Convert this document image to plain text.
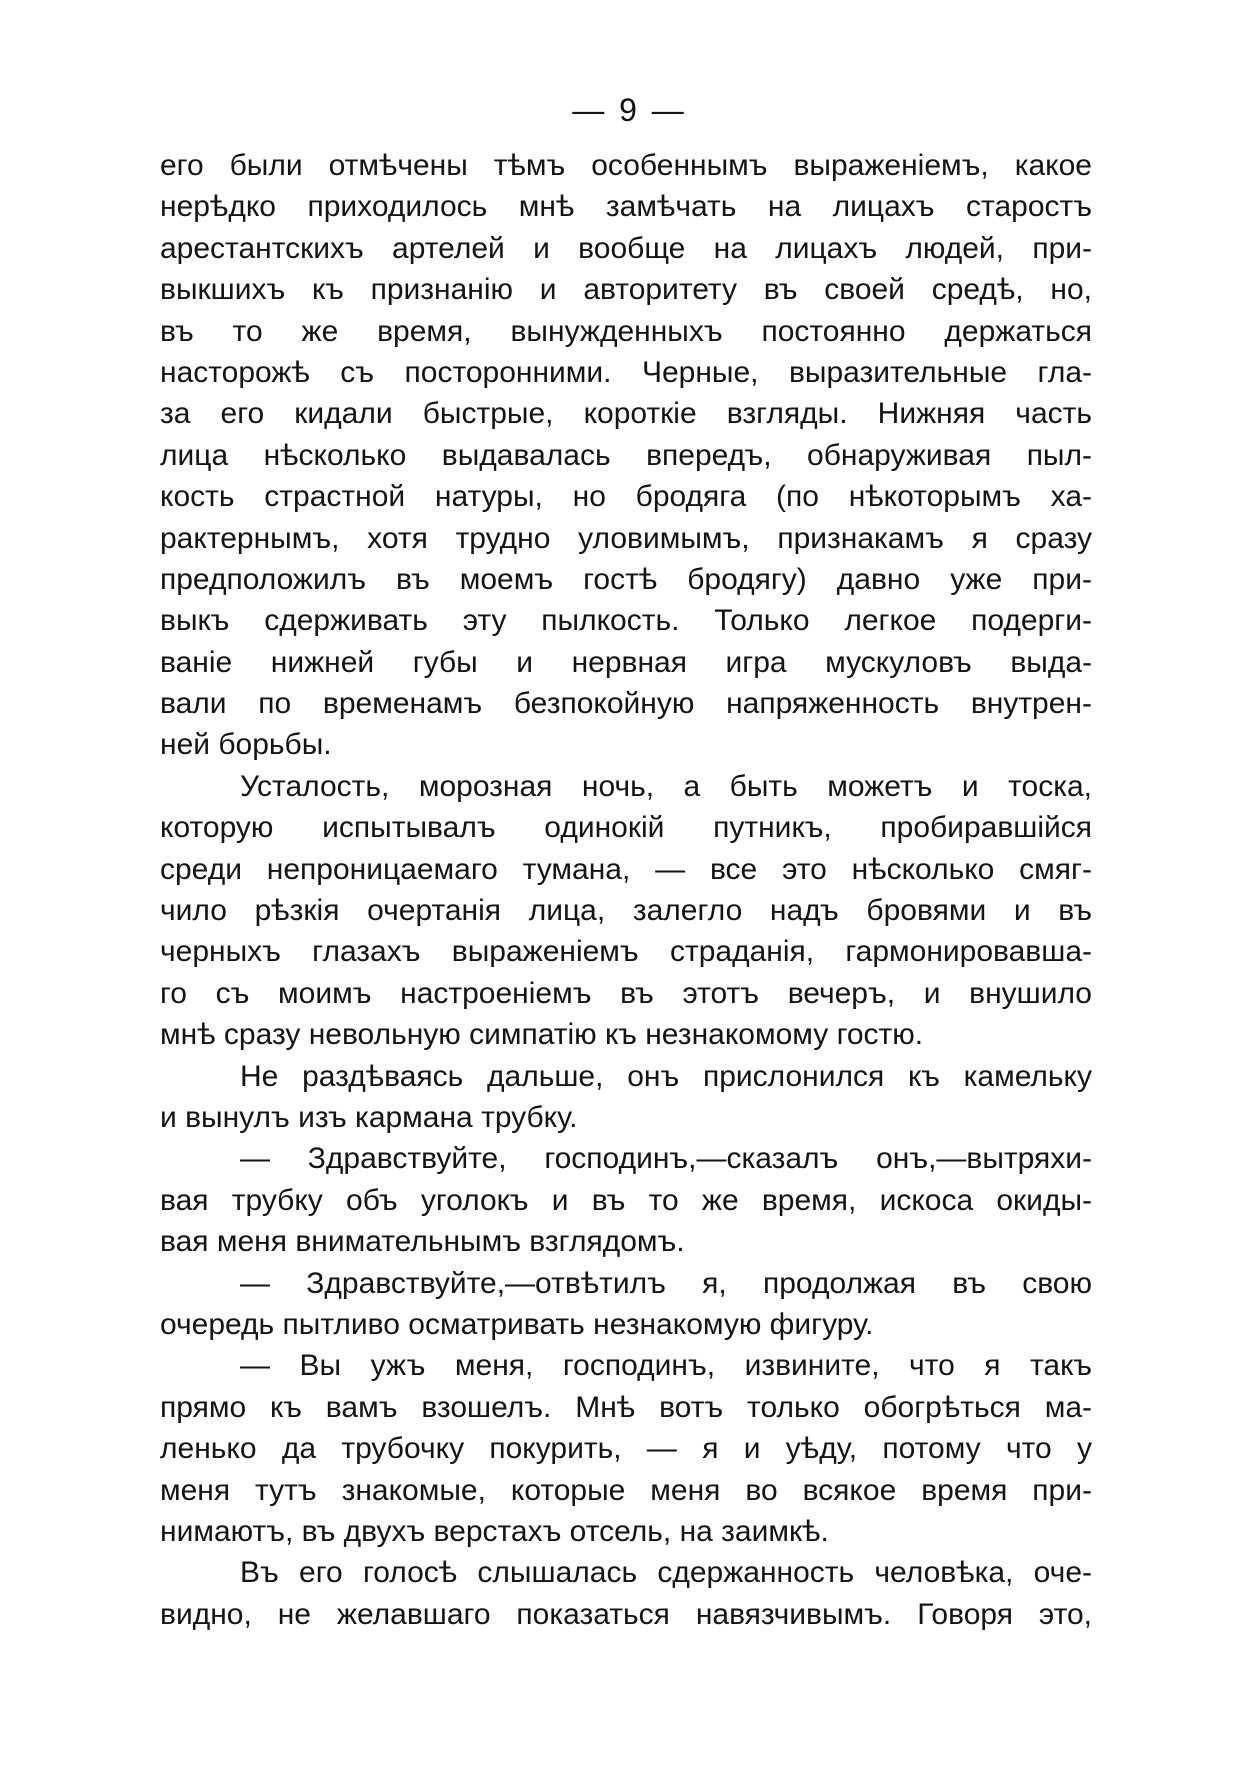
— 9 —
его были отмѣчены тѣмъ особеннымъ выраженіемъ, какое
нерѣдко приходилось мнѣ замѣчать на лицахъ старостъ
арестантскихъ артелей и вообще на лицахъ людей, при-
выкшихъ къ признанію и авторитету въ своей средѣ, но,
въ то же время, вынужденныхъ постоянно держаться
насторожѣ съ посторонними. Черные, выразительные гла-
за его кидали быстрые, короткіе взгляды. Нижняя часть
лица нѣсколько выдавалась впередъ, обнаруживая пыл-
кость страстной натуры, но бродяга (по нѣкоторымъ ха-
рактернымъ, хотя трудно уловимымъ, признакамъ я сразу
предположилъ въ моемъ гостѣ бродягу) давно уже при-
выкъ сдерживать эту пылкость. Только легкое подерги-
ваніе нижней губы и нервная игра мускуловъ выда-
вали по временамъ безпокойную напряженность внутрен-
ней борьбы.
Усталость, морозная ночь, а быть можетъ и тоска,
которую испытывалъ одинокій путникъ, пробиравшійся
среди непроницаемаго тумана, — все это нѣсколько смяг-
чило рѣзкія очертанія лица, залегло надъ бровями и въ
черныхъ глазахъ выраженіемъ страданія, гармонировавша-
го съ моимъ настроеніемъ въ этотъ вечеръ, и внушило
мнѣ сразу невольную симпатію къ незнакомому гостю.
Не раздѣваясь дальше, онъ прислонился къ камельку
и вынулъ изъ кармана трубку.
— Здравствуйте, господинъ,—сказалъ онъ,—вытряхи-
вая трубку объ уголокъ и въ то же время, искоса окиды-
вая меня внимательнымъ взглядомъ.
— Здравствуйте,—отвѣтилъ я, продолжая въ свою
очередь пытливо осматривать незнакомую фигуру.
— Вы ужъ меня, господинъ, извините, что я такъ
прямо къ вамъ взошелъ. Мнѣ вотъ только обогрѣться ма-
ленько да трубочку покурить, — я и уѣду, потому что у
меня тутъ знакомые, которые меня во всякое время при-
нимаютъ, въ двухъ верстахъ отсель, на заимкѣ.
Въ его голосѣ слышалась сдержанность человѣка, оче-
видно, не желавшаго показаться навязчивымъ. Говоря это,
